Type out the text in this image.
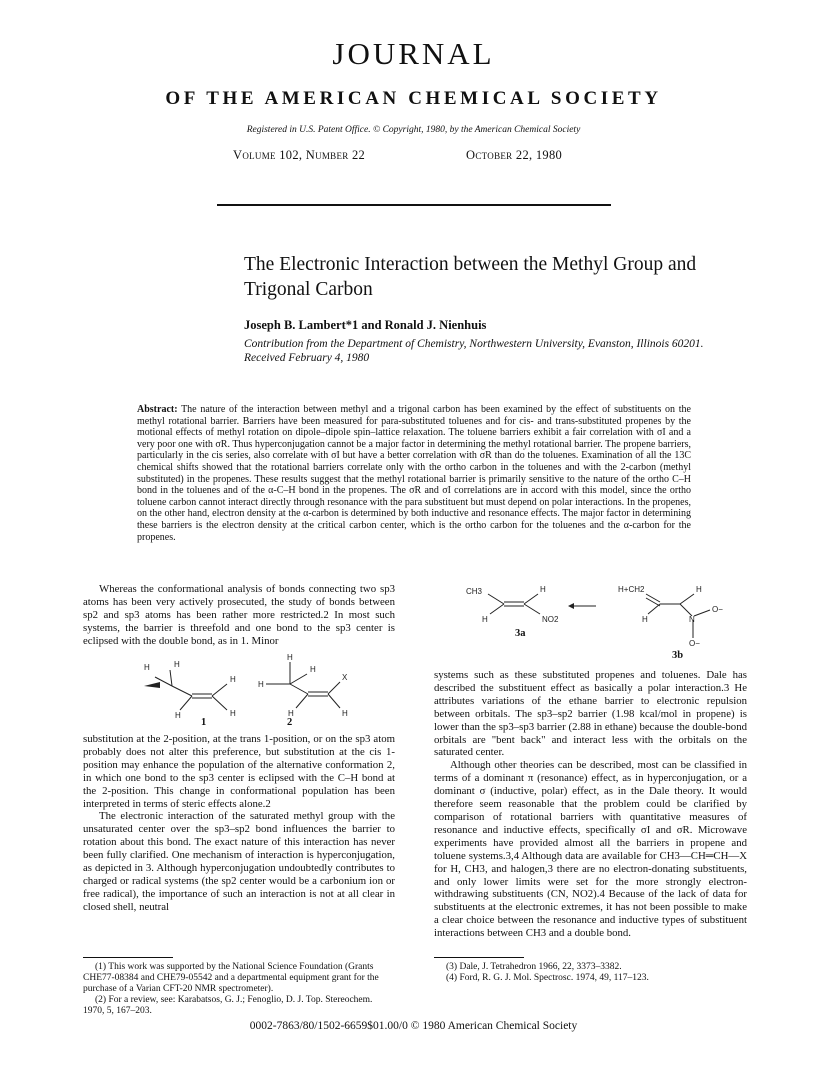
JOURNAL
OF THE AMERICAN CHEMICAL SOCIETY
Registered in U.S. Patent Office. © Copyright, 1980, by the American Chemical Society
Volume 102, Number 22	October 22, 1980
The Electronic Interaction between the Methyl Group and Trigonal Carbon
Joseph B. Lambert*1 and Ronald J. Nienhuis
Contribution from the Department of Chemistry, Northwestern University, Evanston, Illinois 60201. Received February 4, 1980
Abstract: The nature of the interaction between methyl and a trigonal carbon has been examined by the effect of substituents on the methyl rotational barrier. Barriers have been measured for para-substituted toluenes and for cis- and trans-substituted propenes by the motional effects of methyl rotation on dipole–dipole spin–lattice relaxation. The toluene barriers exhibit a fair correlation with σI and a very poor one with σR. Thus hyperconjugation cannot be a major factor in determining the methyl rotational barrier. The propene barriers, particularly in the cis series, also correlate with σI but have a better correlation with σR than do the toluenes. Examination of all the 13C chemical shifts showed that the rotational barriers correlate only with the ortho carbon in the toluenes and with the 2-carbon (methyl substituted) in the propenes. These results suggest that the methyl rotational barrier is primarily sensitive to the nature of the ortho C–H bond in the toluenes and of the α-C–H bond in the propenes. The σR and σI correlations are in accord with this model, since the ortho toluene carbon cannot interact directly through resonance with the para substituent but must depend on polar interactions. In the propenes, on the other hand, electron density at the α-carbon is determined by both inductive and resonance effects. The major factor in determining these barriers is the electron density at the critical carbon center, which is the ortho carbon for the toluenes and the α-carbon for the propenes.
Whereas the conformational analysis of bonds connecting two sp3 atoms has been very actively prosecuted, the study of bonds between sp2 and sp3 atoms has been rather more restricted.2 In most such systems, the barrier is threefold and one bond to the sp3 center is eclipsed with the double bond, as in 1. Minor
H	H
H
H
H
H
H
H
X
H
H
1	2

substitution at the 2-position, at the trans 1-position, or on the sp3 atom probably does not alter this preference, but substitution at the cis 1-position may enhance the population of the alternative conformation 2, in which one bond to the sp3 center is eclipsed with the C–H bond at the 2-position. This change in conformational population has been interpreted in terms of steric effects alone.2

The electronic interaction of the saturated methyl group with the unsaturated center over the sp3–sp2 bond influences the barrier to rotation about this bond. The exact nature of this interaction has never been fully clarified. One mechanism of interaction is hyperconjugation, as depicted in 3. Although hyperconjugation undoubtedly contributes to charged or radical systems (the sp2 center would be a carbonium ion or free radical), the importance of such an interaction is not at all clear in closed shell, neutral

CH3	H
H	NO2
H+CH2	H
H	N
O−
O−
3a
3b

systems such as these substituted propenes and toluenes. Dale has described the substituent effect as basically a polar interaction.3 He attributes variations of the ethane barrier to electronic repulsion between orbitals. The sp3–sp2 barrier (1.98 kcal/mol in propene) is lower than the sp3–sp3 barrier (2.88 in ethane) because the double-bond orbitals are "bent back" and interact less with the orbitals on the saturated center.

Although other theories can be described, most can be classified in terms of a dominant π (resonance) effect, as in hyperconjugation, or a dominant σ (inductive, polar) effect, as in the Dale theory. It would therefore seem reasonable that the problem could be clarified by comparison of rotational barriers with quantitative measures of resonance and inductive effects, specifically σI and σR. Microwave experiments have provided almost all the barriers in propene and toluene systems.3,4 Although data are available for CH3—CH═CH—X for H, CH3, and halogen,3 there are no electron-donating substituents, and only lower limits were set for the more strongly electron-withdrawing substituents (CN, NO2).4 Because of the lack of data for substituents at the electronic extremes, it has not been possible to make a clear choice between the resonance and inductive types of substituent interactions between CH3 and a double bond.

(1) This work was supported by the National Science Foundation (Grants CHE77-08384 and CHE79-05542 and a departmental equipment grant for the purchase of a Varian CFT-20 NMR spectrometer).
(2) For a review, see: Karabatsos, G. J.; Fenoglio, D. J. Top. Stereochem. 1970, 5, 167–203.
(3) Dale, J. Tetrahedron 1966, 22, 3373–3382.
(4) Ford, R. G. J. Mol. Spectrosc. 1974, 49, 117–123.
0002-7863/80/1502-6659$01.00/0 © 1980 American Chemical Society
